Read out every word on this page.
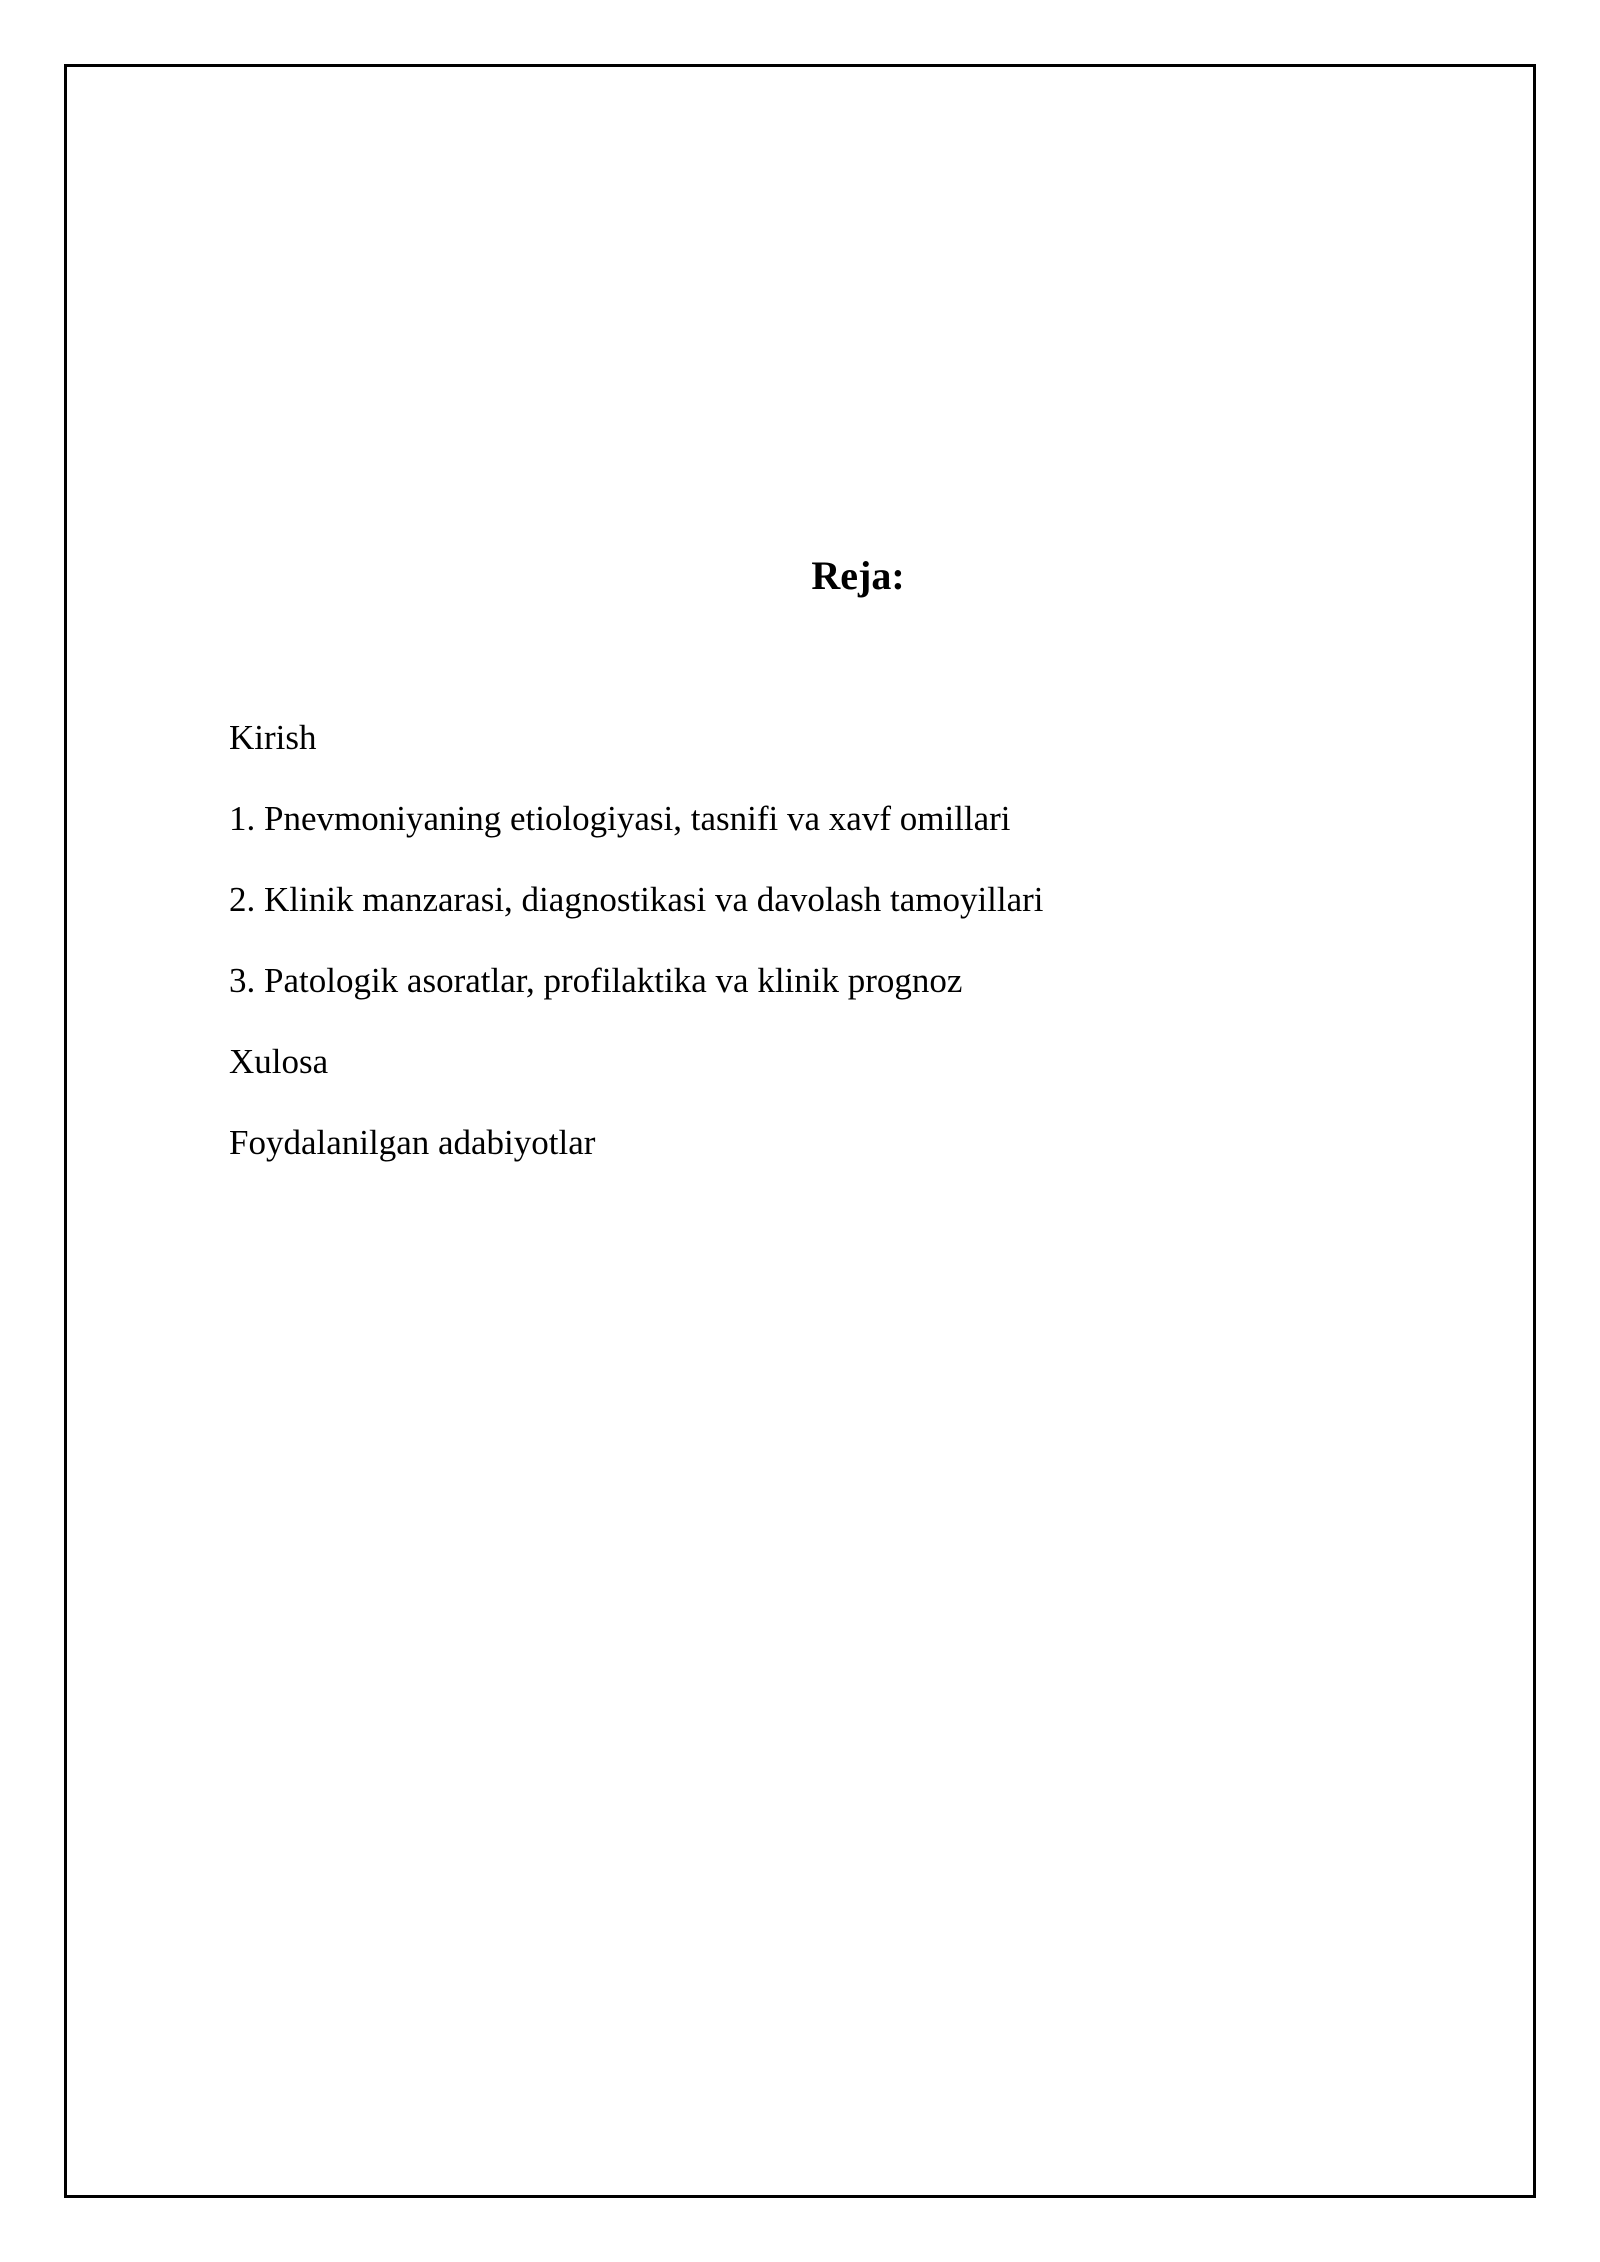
Reja:
Kirish
1. Pnevmoniyaning etiologiyasi, tasnifi va xavf omillari
2. Klinik manzarasi, diagnostikasi va davolash tamoyillari
3. Patologik asoratlar, profilaktika va klinik prognoz
Xulosa
Foydalanilgan adabiyotlar
